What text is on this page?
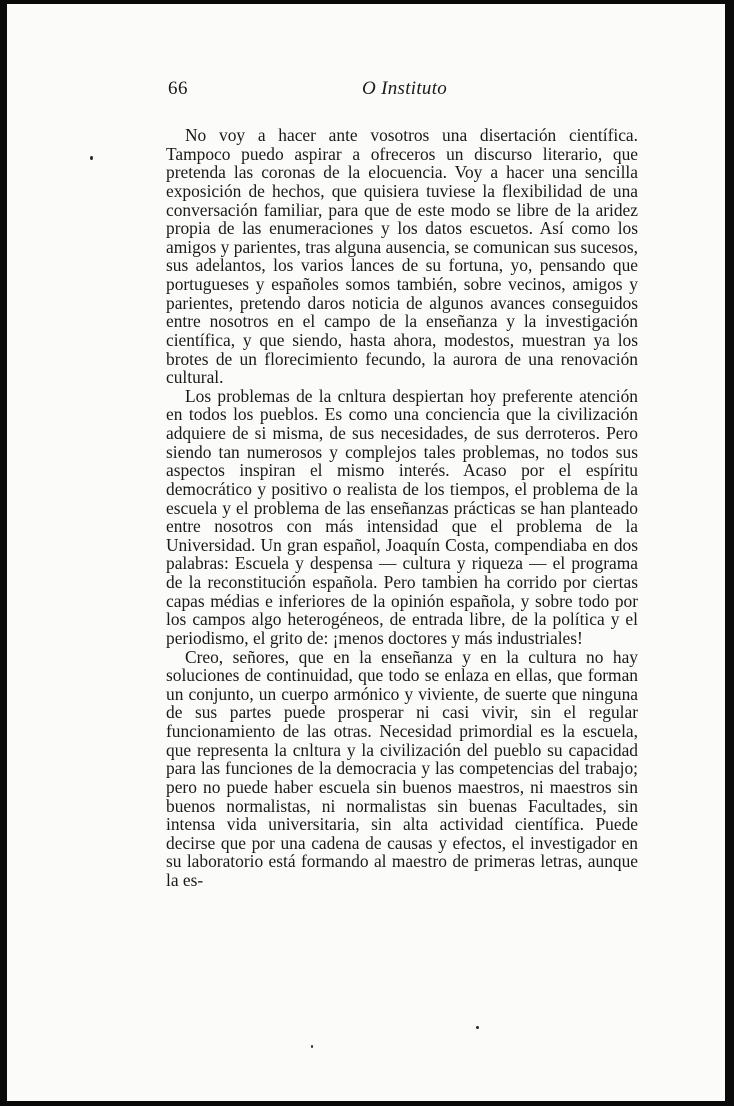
66	O Instituto

No voy a hacer ante vosotros una disertación científica. Tampoco puedo aspirar a ofreceros un discurso literario, que pretenda las coronas de la elocuencia. Voy a hacer una sencilla exposición de hechos, que quisiera tuviese la flexibilidad de una conversación familiar, para que de este modo se libre de la aridez propia de las enumeraciones y los datos escuetos. Así como los amigos y parientes, tras alguna ausencia, se comunican sus sucesos, sus adelantos, los varios lances de su fortuna, yo, pensando que portugueses y españoles somos también, sobre vecinos, amigos y parientes, pretendo daros noticia de algunos avances conseguidos entre nosotros en el campo de la enseñanza y la investigación científica, y que siendo, hasta ahora, modestos, muestran ya los brotes de un florecimiento fecundo, la aurora de una renovación cultural.

Los problemas de la cnltura despiertan hoy preferente atención en todos los pueblos. Es como una conciencia que la civilización adquiere de si misma, de sus necesidades, de sus derroteros. Pero siendo tan numerosos y complejos tales problemas, no todos sus aspectos inspiran el mismo interés. Acaso por el espíritu democrático y positivo o realista de los tiempos, el problema de la escuela y el problema de las enseñanzas prácticas se han planteado entre nosotros con más intensidad que el problema de la Universidad. Un gran español, Joaquín Costa, compendiaba en dos palabras: Escuela y despensa — cultura y riqueza — el programa de la reconstitución española. Pero tambien ha corrido por ciertas capas médias e inferiores de la opinión española, y sobre todo por los campos algo heterogéneos, de entrada libre, de la política y el periodismo, el grito de: ¡menos doctores y más industriales!

Creo, señores, que en la enseñanza y en la cultura no hay soluciones de continuidad, que todo se enlaza en ellas, que forman un conjunto, un cuerpo armónico y viviente, de suerte que ninguna de sus partes puede prosperar ni casi vivir, sin el regular funcionamiento de las otras. Necesidad primordial es la escuela, que representa la cnltura y la civilización del pueblo su capacidad para las funciones de la democracia y las competencias del trabajo; pero no puede haber escuela sin buenos maestros, ni maestros sin buenos normalistas, ni normalistas sin buenas Facultades, sin intensa vida universitaria, sin alta actividad científica. Puede decirse que por una cadena de causas y efectos, el investigador en su laboratorio está formando al maestro de primeras letras, aunque la es-
